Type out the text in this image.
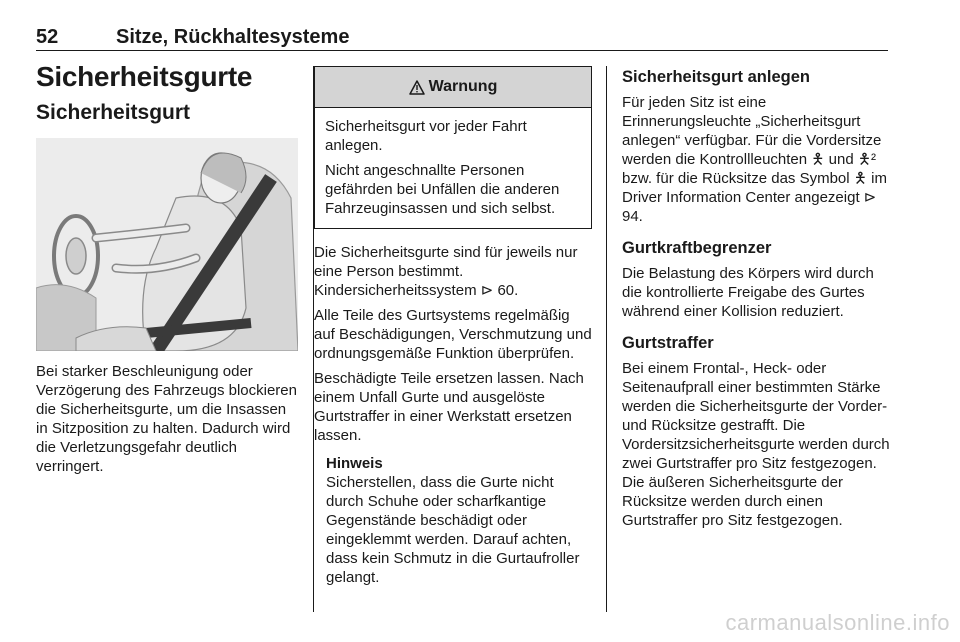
52	Sitze, Rückhaltesysteme
Sicherheitsgurte
Sicherheitsgurt

Bei starker Beschleunigung oder Verzögerung des Fahrzeugs blockieren die Sicherheitsgurte, um die Insassen in Sitzposition zu halten. Dadurch wird die Verletzungsgefahr deutlich verringert.

Warnung

Sicherheitsgurt vor jeder Fahrt anlegen.

Nicht angeschnallte Personen gefährden bei Unfällen die anderen Fahrzeuginsassen und sich selbst.

Die Sicherheitsgurte sind für jeweils nur eine Person bestimmt. Kindersicherheitssystem ⊳ 60.

Alle Teile des Gurtsystems regelmäßig auf Beschädigungen, Verschmutzung und ordnungsgemäße Funktion überprüfen.

Beschädigte Teile ersetzen lassen. Nach einem Unfall Gurte und ausgelöste Gurtstraffer in einer Werkstatt ersetzen lassen.

Hinweis

Sicherstellen, dass die Gurte nicht durch Schuhe oder scharfkantige Gegenstände beschädigt oder eingeklemmt werden. Darauf achten, dass kein Schmutz in die Gurtaufroller gelangt.

Sicherheitsgurt anlegen

Für jeden Sitz ist eine Erinnerungsleuchte „Sicherheitsgurt anlegen“ verfügbar. Für die Vordersitze werden die Kontrollleuchten 🯅 und 🯅² bzw. für die Rücksitze das Symbol 🯅 im Driver Information Center angezeigt ⊳ 94.

Gurtkraftbegrenzer

Die Belastung des Körpers wird durch die kontrollierte Freigabe des Gurtes während einer Kollision reduziert.

Gurtstraffer

Bei einem Frontal-, Heck- oder Seitenaufprall einer bestimmten Stärke werden die Sicherheitsgurte der Vorder- und Rücksitze gestrafft. Die Vordersitzsicherheitsgurte werden durch zwei Gurtstraffer pro Sitz festgezogen. Die äußeren Sicherheitsgurte der Rücksitze werden durch einen Gurtstraffer pro Sitz festgezogen.

carmanualsonline.info
